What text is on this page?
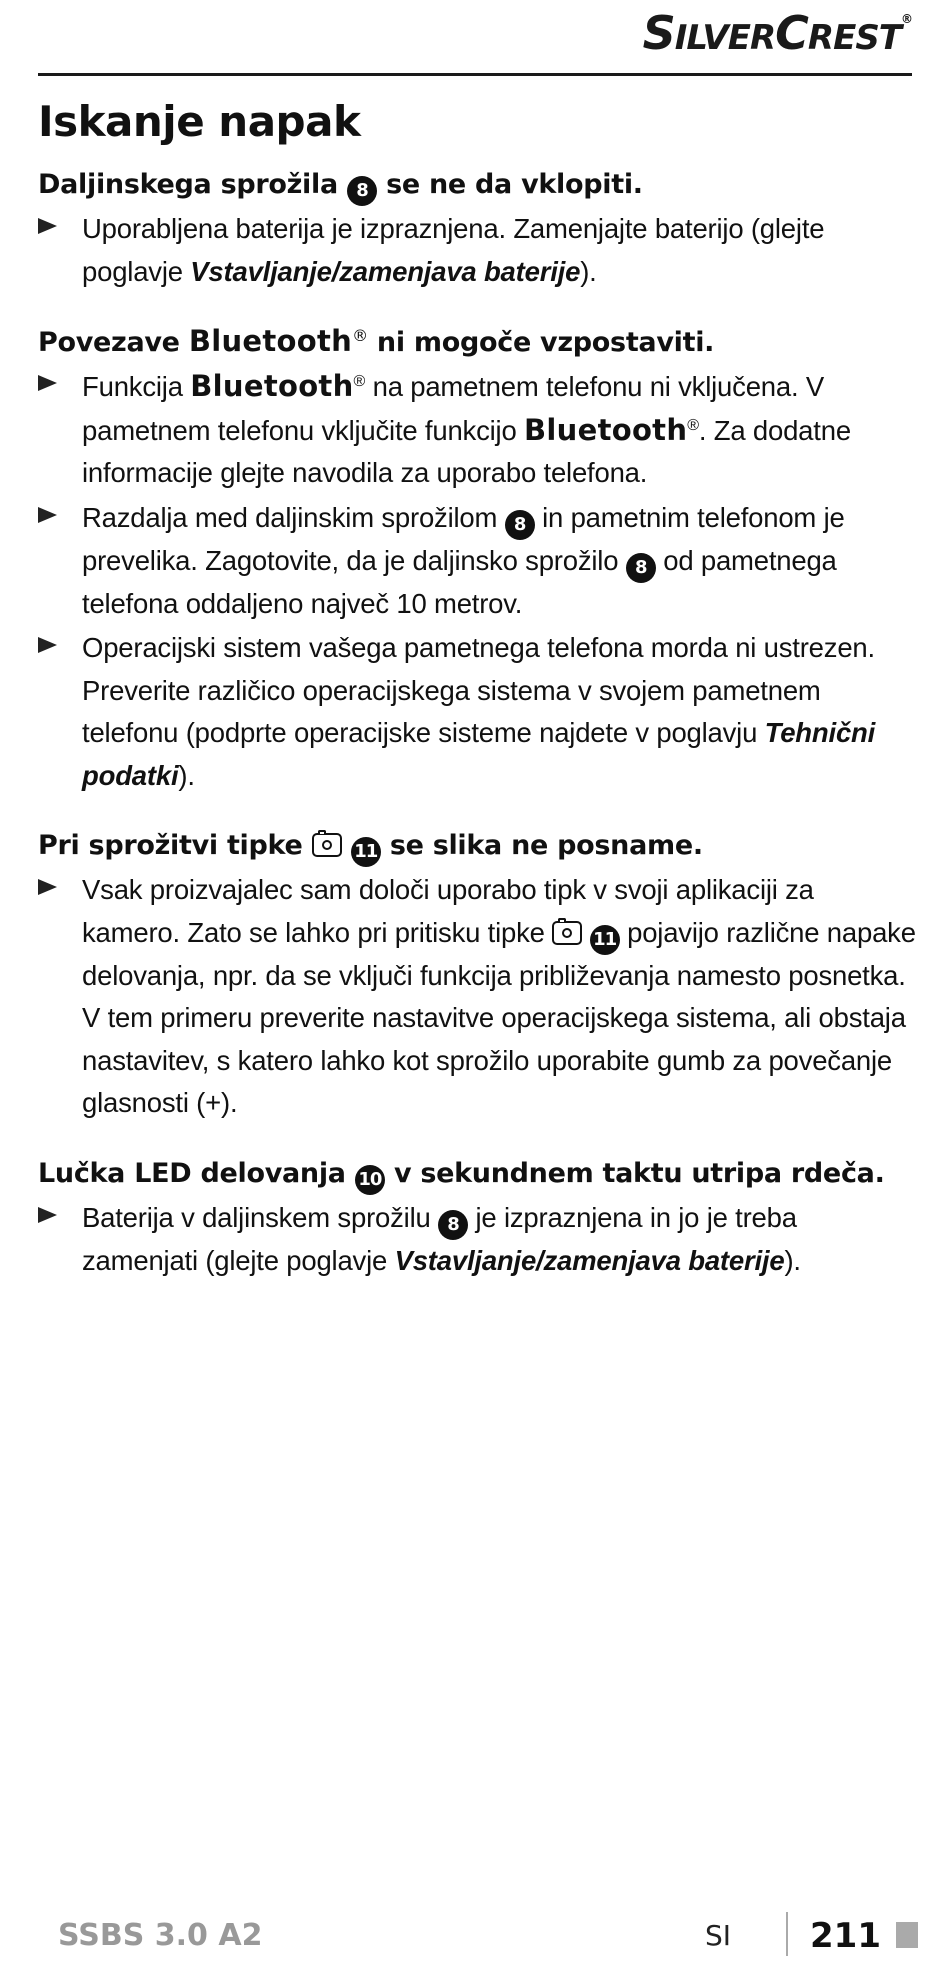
SILVERCREST®
Iskanje napak
Daljinskega sprožila 8 se ne da vklopiti.

Uporabljena baterija je izpraznjena. Zamenjajte baterijo (glejte poglavje Vstavljanje/zamenjava baterije).

Povezave Bluetooth® ni mogoče vzpostaviti.

Funkcija Bluetooth® na pametnem telefonu ni vključena. V pametnem telefonu vključite funkcijo Bluetooth®. Za dodatne informacije glejte navodila za uporabo telefona.

Razdalja med daljinskim sprožilom 8 in pametnim telefonom je prevelika. Zagotovite, da je daljinsko sprožilo 8 od pametnega telefona oddaljeno največ 10 metrov.

Operacijski sistem vašega pametnega telefona morda ni ustrezen. Preverite različico operacijskega sistema v svojem pametnem telefonu (podprte operacijske sisteme najdete v poglavju Tehnični podatki).

Pri sprožitvi tipke	11 se slika ne posname.

Vsak proizvajalec sam določi uporabo tipk v svoji aplikaciji za kamero. Zato se lahko pri pritisku tipke	11 pojavijo različne napake delovanja, npr. da se vključi funkcija približevanja namesto posnetka. V tem primeru preverite nastavitve operacijskega sistema, ali obstaja nastavitev, s katero lahko kot sprožilo uporabite gumb za povečanje glasnosti (+).

Lučka LED delovanja 10 v sekundnem taktu utripa rdeča.

Baterija v daljinskem sprožilu 8 je izpraznjena in jo je treba zamenjati (glejte poglavje Vstavljanje/zamenjava baterije).

SSBS 3.0 A2	SI 211
